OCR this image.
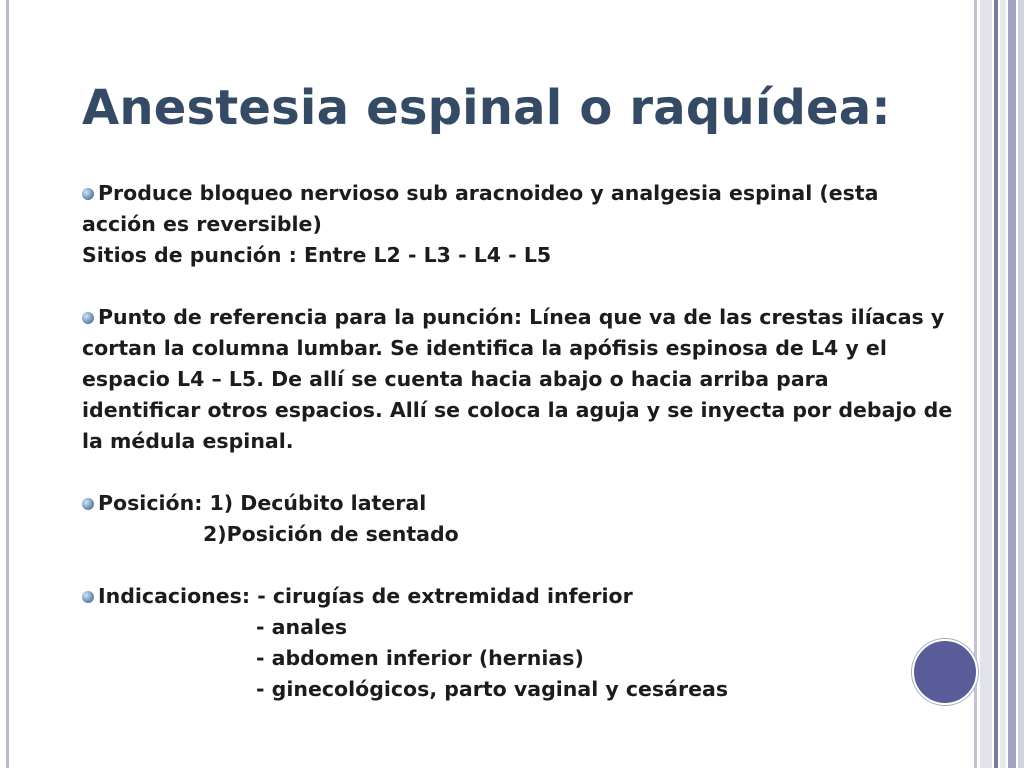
Anestesia espinal o raquídea:
Produce bloqueo nervioso sub aracnoideo y analgesia espinal (esta
acción es reversible)
Sitios de punción : Entre L2 - L3 - L4 - L5
Punto de referencia para la punción: Línea que va de las crestas ilíacas y
cortan la columna lumbar. Se identifica la apófisis espinosa de L4 y el
espacio L4 – L5. De allí se cuenta hacia abajo o hacia arriba para
identificar otros espacios. Allí se coloca la aguja y se inyecta por debajo de
la médula espinal.
Posición: 1) Decúbito lateral
2)Posición de sentado
Indicaciones: - cirugías de extremidad inferior
- anales
- abdomen inferior (hernias)
- ginecológicos, parto vaginal y cesáreas
